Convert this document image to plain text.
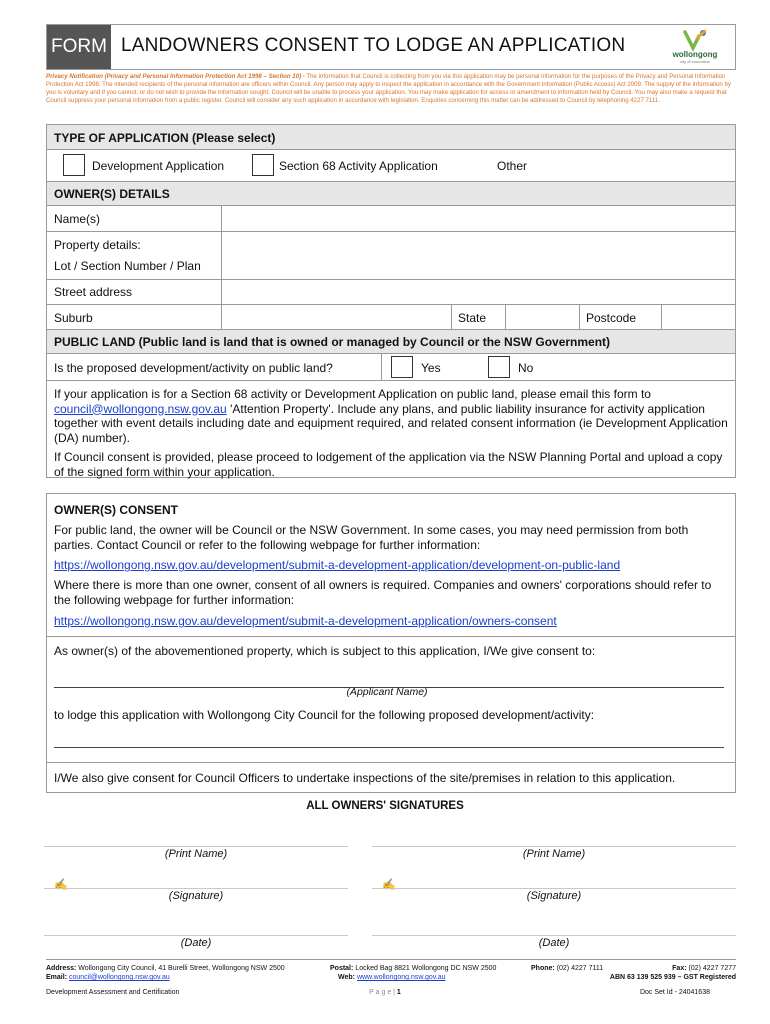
FORM LANDOWNERS CONSENT TO LODGE AN APPLICATION	wollongong
city of innovation
Privacy Notification (Privacy and Personal Information Protection Act 1998 – Section 10) - The information that Council is collecting from you via this application may be personal information for the purposes of the Privacy and Personal Information Protection Act 1998. The intended recipients of the personal information are officers within Council. Any person may apply to inspect the application in accordance with the Government Information (Public Access) Act 2009. The supply of the information by you is voluntary and if you cannot, or do not wish to provide the information sought, Council will be unable to process your application. You may make application for access or amendment to information held by Council. You may also make a request that Council suppress your personal information from a public register. Council will consider any such application in accordance with legislation. Enquiries concerning this matter can be addressed to Council by telephoning 4227 7111.
TYPE OF APPLICATION (Please select)
Development Application	Section 68 Activity Application	Other
OWNER(S) DETAILS
Name(s)
Property details:
Lot / Section Number / Plan
Street address
Suburb	State	Postcode
PUBLIC LAND (Public land is land that is owned or managed by Council or the NSW Government)
Is the proposed development/activity on public land?	Yes	No
If your application is for a Section 68 activity or Development Application on public land, please email this form to council@wollongong.nsw.gov.au 'Attention Property'. Include any plans, and public liability insurance for activity application together with event details including date and equipment required, and related consent information (ie Development Application (DA) number).
If Council consent is provided, please proceed to lodgement of the application via the NSW Planning Portal and upload a copy of the signed form within your application.
OWNER(S) CONSENT
For public land, the owner will be Council or the NSW Government. In some cases, you may need permission from both parties. Contact Council or refer to the following webpage for further information:
https://wollongong.nsw.gov.au/development/submit-a-development-application/development-on-public-land
Where there is more than one owner, consent of all owners is required. Companies and owners' corporations should refer to the following webpage for further information:
https://wollongong.nsw.gov.au/development/submit-a-development-application/owners-consent
As owner(s) of the abovementioned property, which is subject to this application, I/We give consent to:
(Applicant Name)
to lodge this application with Wollongong City Council for the following proposed development/activity:
I/We also give consent for Council Officers to undertake inspections of the site/premises in relation to this application.
ALL OWNERS' SIGNATURES
(Print Name)	(Print Name)
✍
(Signature)
✍
(Signature)
(Date)	(Date)
Address: Wollongong City Council, 41 Burelli Street, Wollongong NSW 2500
Email: council@wollongong.nsw.gov.au
Postal: Locked Bag 8821 Wollongong DC NSW 2500
Web: www.wollongong.nsw.gov.au
Phone: (02) 4227 7111	Fax: (02) 4227 7277

ABN 63 139 525 939 – GST Registered
Development Assessment and Certification	P a g e | 1	Doc Set Id - 24041638
